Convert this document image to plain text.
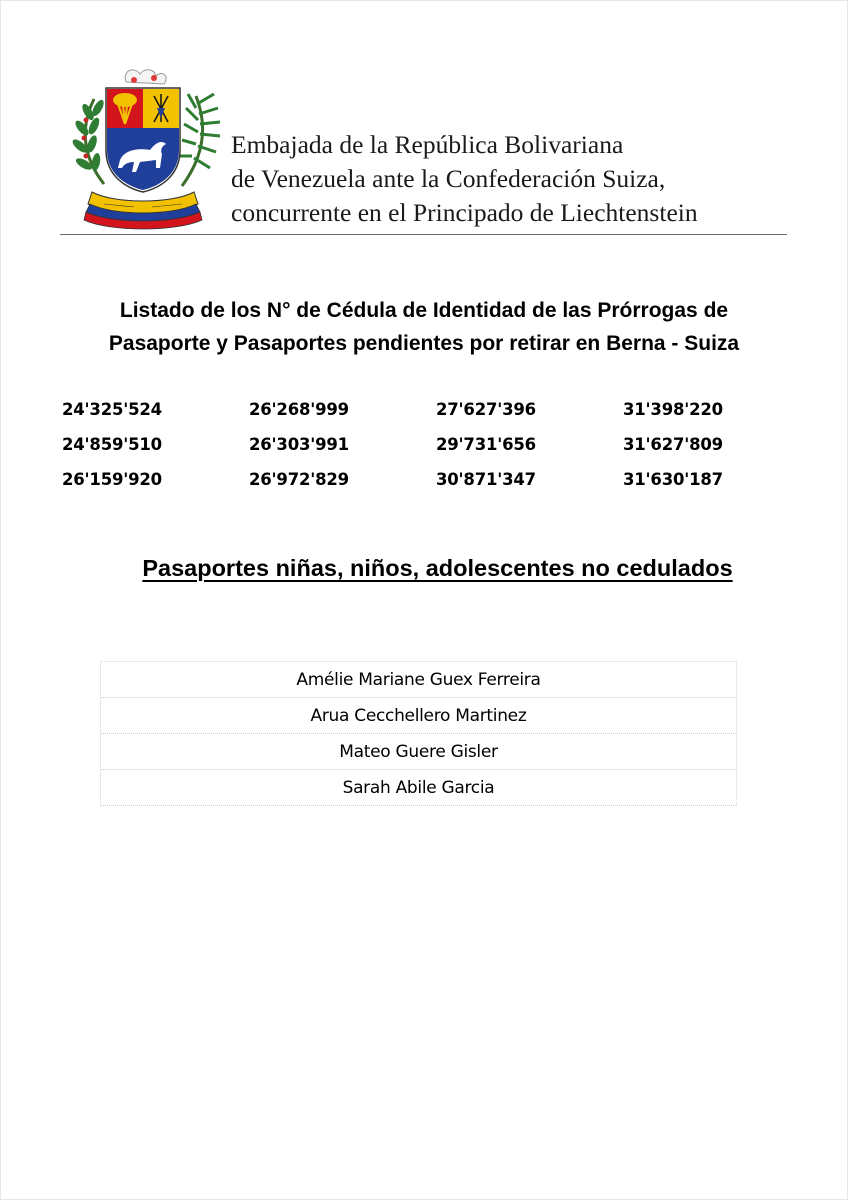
Embajada de la República Bolivariana
de Venezuela ante la Confederación Suiza,
concurrente en el Principado de Liechtenstein
Listado de los N° de Cédula de Identidad de las Prórrogas de
Pasaporte y Pasaportes pendientes por retirar en Berna - Suiza
24'325'524	26'268'999	27'627'396	31'398'220
24'859'510	26'303'991	29'731'656	31'627'809
26'159'920	26'972'829	30'871'347	31'630'187
Pasaportes niñas, niños, adolescentes no cedulados
Amélie Mariane Guex Ferreira
Arua Cecchellero Martinez
Mateo Guere Gisler
Sarah Abile Garcia
